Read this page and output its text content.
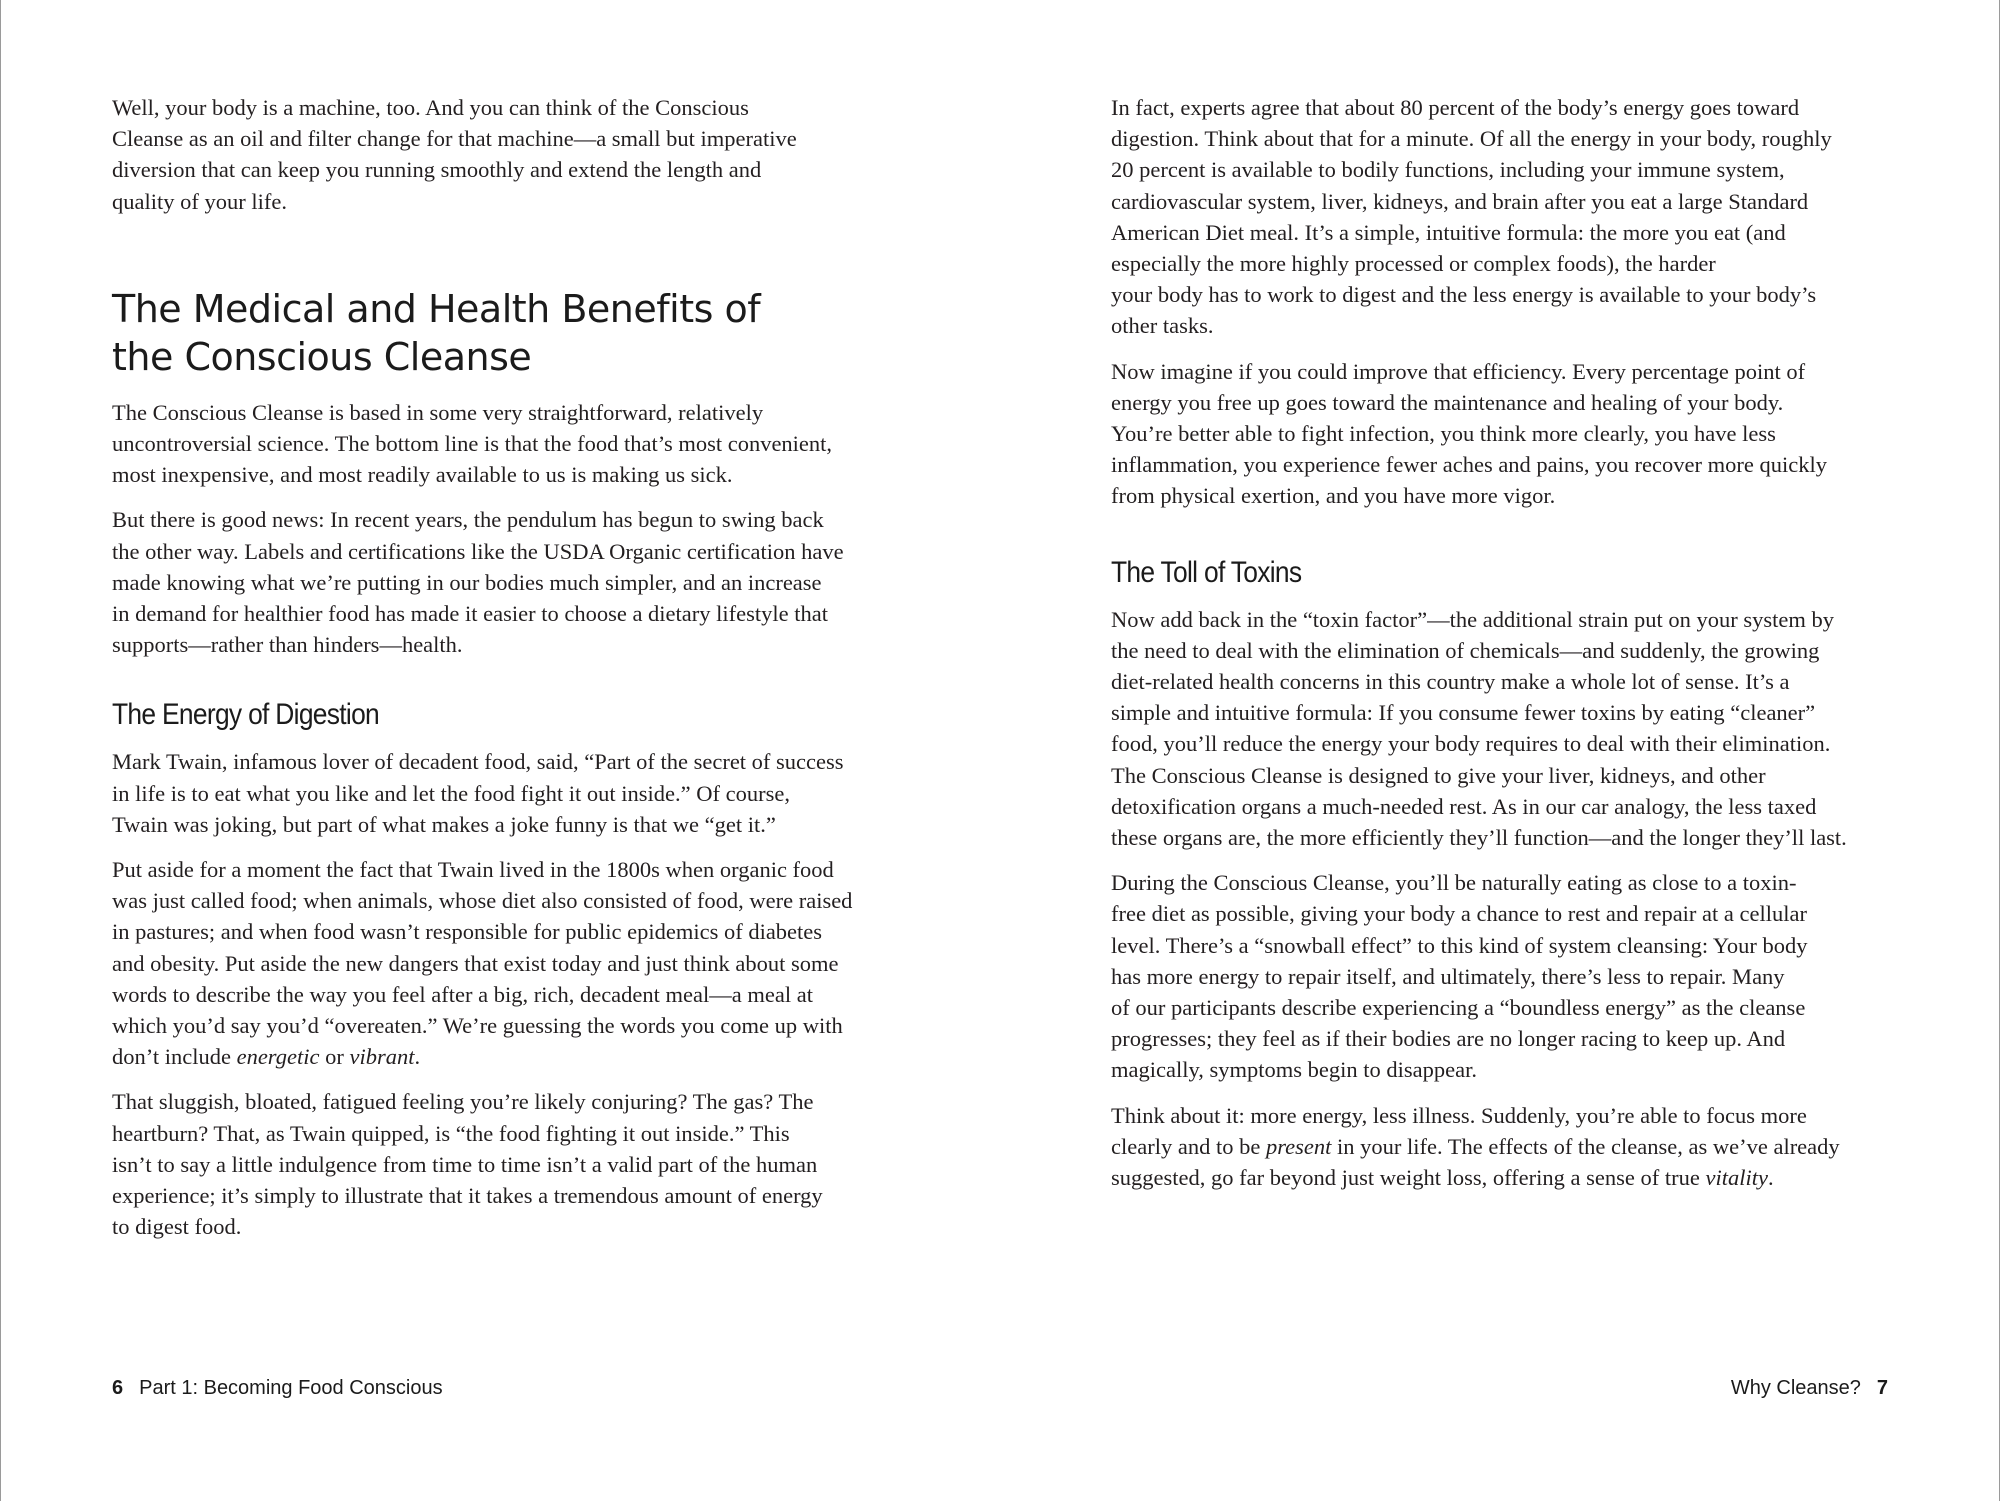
Well, your body is a machine, too. And you can think of the Conscious
Cleanse as an oil and filter change for that machine—a small but imperative
diversion that can keep you running smoothly and extend the length and
quality of your life.

The Medical and Health Benefits of
the Conscious Cleanse

The Conscious Cleanse is based in some very straightforward, relatively
uncontroversial science. The bottom line is that the food that’s most convenient,
most inexpensive, and most readily available to us is making us sick.

But there is good news: In recent years, the pendulum has begun to swing back
the other way. Labels and certifications like the USDA Organic certification have
made knowing what we’re putting in our bodies much simpler, and an increase
in demand for healthier food has made it easier to choose a dietary lifestyle that
supports—rather than hinders—health.

The Energy of Digestion

Mark Twain, infamous lover of decadent food, said, “Part of the secret of success
in life is to eat what you like and let the food fight it out inside.” Of course,
Twain was joking, but part of what makes a joke funny is that we “get it.”

Put aside for a moment the fact that Twain lived in the 1800s when organic food
was just called food; when animals, whose diet also consisted of food, were raised
in pastures; and when food wasn’t responsible for public epidemics of diabetes
and obesity. Put aside the new dangers that exist today and just think about some
words to describe the way you feel after a big, rich, decadent meal—a meal at
which you’d say you’d “overeaten.” We’re guessing the words you come up with
don’t include energetic or vibrant.

That sluggish, bloated, fatigued feeling you’re likely conjuring? The gas? The
heartburn? That, as Twain quipped, is “the food fighting it out inside.” This
isn’t to say a little indulgence from time to time isn’t a valid part of the human
experience; it’s simply to illustrate that it takes a tremendous amount of energy
to digest food.

6 Part 1: Becoming Food Conscious

In fact, experts agree that about 80 percent of the body’s energy goes toward
digestion. Think about that for a minute. Of all the energy in your body, roughly
20 percent is available to bodily functions, including your immune system,
cardiovascular system, liver, kidneys, and brain after you eat a large Standard
American Diet meal. It’s a simple, intuitive formula: the more you eat (and
especially the more highly processed or complex foods), the harder
your body has to work to digest and the less energy is available to your body’s
other tasks.

Now imagine if you could improve that efficiency. Every percentage point of
energy you free up goes toward the maintenance and healing of your body.
You’re better able to fight infection, you think more clearly, you have less
inflammation, you experience fewer aches and pains, you recover more quickly
from physical exertion, and you have more vigor.

The Toll of Toxins

Now add back in the “toxin factor”—the additional strain put on your system by
the need to deal with the elimination of chemicals—and suddenly, the growing
diet-related health concerns in this country make a whole lot of sense. It’s a
simple and intuitive formula: If you consume fewer toxins by eating “cleaner”
food, you’ll reduce the energy your body requires to deal with their elimination.
The Conscious Cleanse is designed to give your liver, kidneys, and other
detoxification organs a much-needed rest. As in our car analogy, the less taxed
these organs are, the more efficiently they’ll function—and the longer they’ll last.

During the Conscious Cleanse, you’ll be naturally eating as close to a toxin-
free diet as possible, giving your body a chance to rest and repair at a cellular
level. There’s a “snowball effect” to this kind of system cleansing: Your body
has more energy to repair itself, and ultimately, there’s less to repair. Many
of our participants describe experiencing a “boundless energy” as the cleanse
progresses; they feel as if their bodies are no longer racing to keep up. And
magically, symptoms begin to disappear.

Think about it: more energy, less illness. Suddenly, you’re able to focus more
clearly and to be present in your life. The effects of the cleanse, as we’ve already
suggested, go far beyond just weight loss, offering a sense of true vitality.

Why Cleanse? 7
